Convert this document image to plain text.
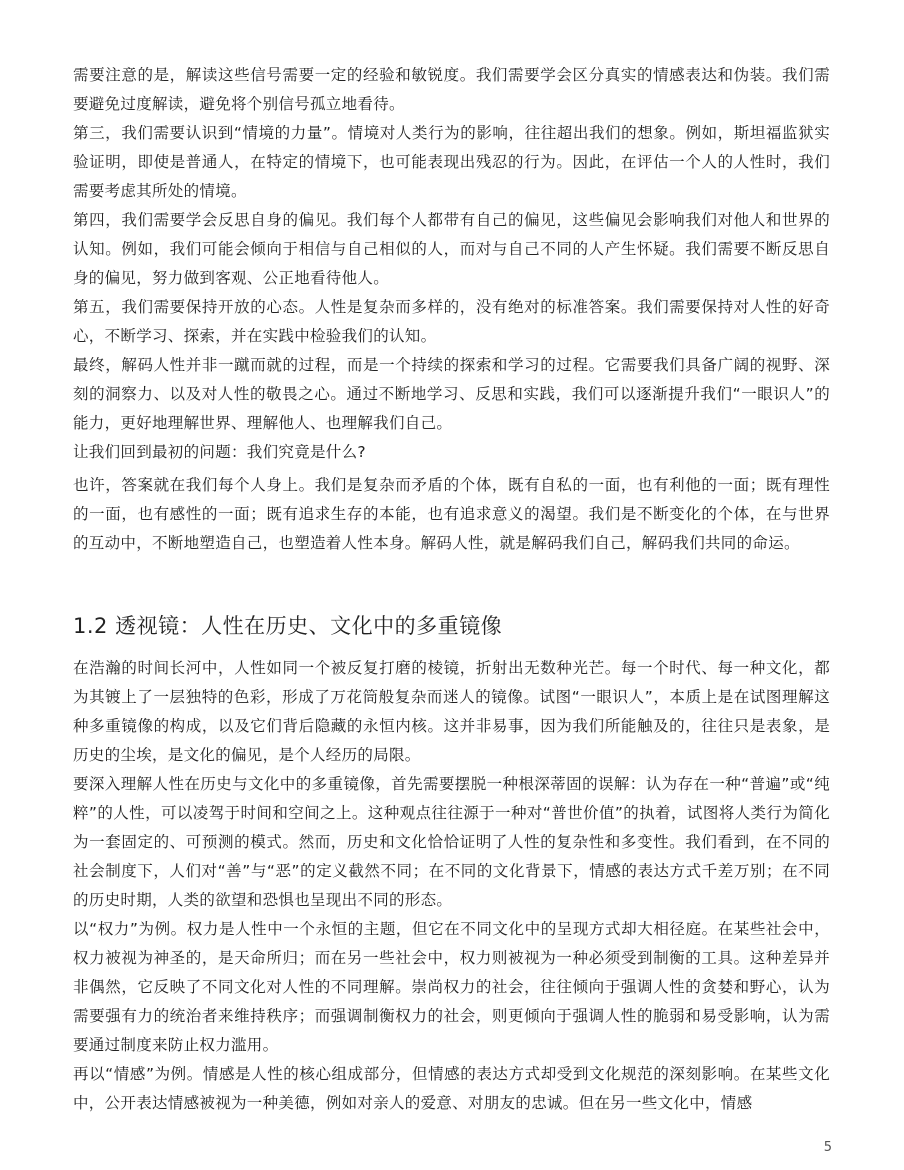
需要注意的是，解读这些信号需要一定的经验和敏锐度。我们需要学会区分真实的情感表达和伪装。我们需要避免过度解读，避免将个别信号孤立地看待。

第三，我们需要认识到“情境的力量”。情境对人类行为的影响，往往超出我们的想象。例如，斯坦福监狱实验证明，即使是普通人，在特定的情境下，也可能表现出残忍的行为。因此，在评估一个人的人性时，我们需要考虑其所处的情境。

第四，我们需要学会反思自身的偏见。我们每个人都带有自己的偏见，这些偏见会影响我们对他人和世界的认知。例如，我们可能会倾向于相信与自己相似的人，而对与自己不同的人产生怀疑。我们需要不断反思自身的偏见，努力做到客观、公正地看待他人。

第五，我们需要保持开放的心态。人性是复杂而多样的，没有绝对的标准答案。我们需要保持对人性的好奇心，不断学习、探索，并在实践中检验我们的认知。

最终，解码人性并非一蹴而就的过程，而是一个持续的探索和学习的过程。它需要我们具备广阔的视野、深刻的洞察力、以及对人性的敬畏之心。通过不断地学习、反思和实践，我们可以逐渐提升我们“一眼识人”的能力，更好地理解世界、理解他人、也理解我们自己。

让我们回到最初的问题：我们究竟是什么?

也许，答案就在我们每个人身上。我们是复杂而矛盾的个体，既有自私的一面，也有利他的一面；既有理性的一面，也有感性的一面；既有追求生存的本能，也有追求意义的渴望。我们是不断变化的个体，在与世界的互动中，不断地塑造自己，也塑造着人性本身。解码人性，就是解码我们自己，解码我们共同的命运。

1.2 透视镜：人性在历史、文化中的多重镜像

在浩瀚的时间长河中，人性如同一个被反复打磨的棱镜，折射出无数种光芒。每一个时代、每一种文化，都为其镀上了一层独特的色彩，形成了万花筒般复杂而迷人的镜像。试图“一眼识人”，本质上是在试图理解这种多重镜像的构成，以及它们背后隐藏的永恒内核。这并非易事，因为我们所能触及的，往往只是表象，是历史的尘埃，是文化的偏见，是个人经历的局限。

要深入理解人性在历史与文化中的多重镜像，首先需要摆脱一种根深蒂固的误解：认为存在一种“普遍”或“纯粹”的人性，可以凌驾于时间和空间之上。这种观点往往源于一种对“普世价值”的执着，试图将人类行为简化为一套固定的、可预测的模式。然而，历史和文化恰恰证明了人性的复杂性和多变性。我们看到，在不同的社会制度下，人们对“善”与“恶”的定义截然不同；在不同的文化背景下，情感的表达方式千差万别；在不同的历史时期，人类的欲望和恐惧也呈现出不同的形态。

以“权力”为例。权力是人性中一个永恒的主题，但它在不同文化中的呈现方式却大相径庭。在某些社会中，权力被视为神圣的，是天命所归；而在另一些社会中，权力则被视为一种必须受到制衡的工具。这种差异并非偶然，它反映了不同文化对人性的不同理解。崇尚权力的社会，往往倾向于强调人性的贪婪和野心，认为需要强有力的统治者来维持秩序；而强调制衡权力的社会，则更倾向于强调人性的脆弱和易受影响，认为需要通过制度来防止权力滥用。

再以“情感”为例。情感是人性的核心组成部分，但情感的表达方式却受到文化规范的深刻影响。在某些文化中，公开表达情感被视为一种美德，例如对亲人的爱意、对朋友的忠诚。但在另一些文化中，情感

5
